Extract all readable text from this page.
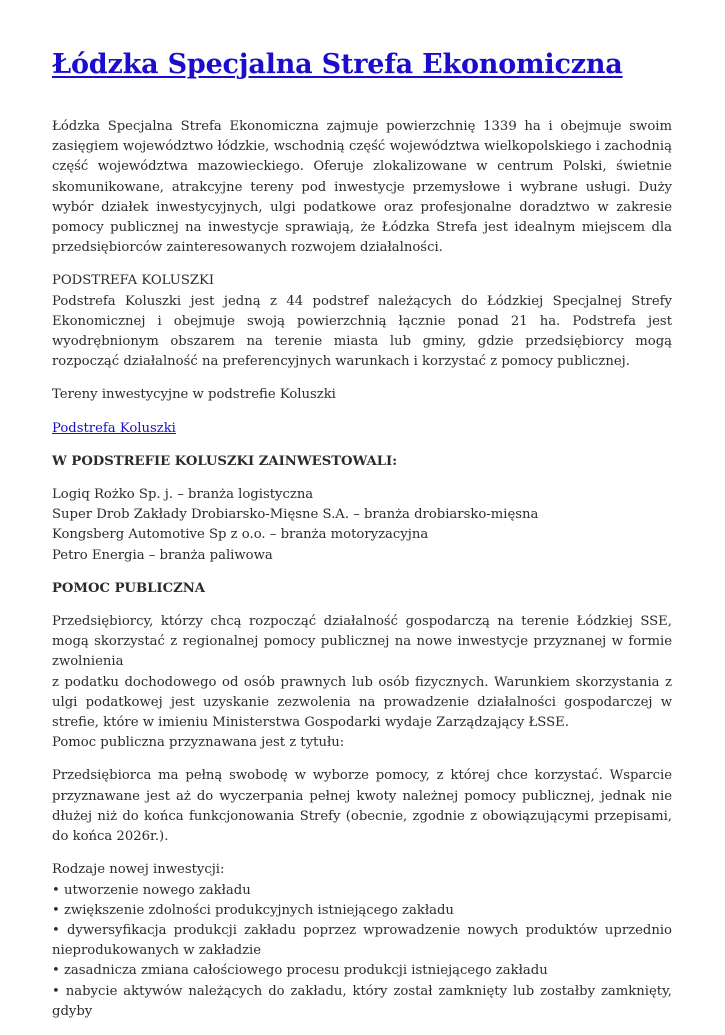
Łódzka Specjalna Strefa Ekonomiczna

Łódzka Specjalna Strefa Ekonomiczna zajmuje powierzchnię 1339 ha i obejmuje swoim zasięgiem województwo łódzkie, wschodnią część województwa wielkopolskiego i zachodnią część województwa mazowieckiego. Oferuje zlokalizowane w centrum Polski, świetnie skomunikowane, atrakcyjne tereny pod inwestycje przemysłowe i wybrane usługi. Duży wybór działek inwestycyjnych, ulgi podatkowe oraz profesjonalne doradztwo w zakresie pomocy publicznej na inwestycje sprawiają, że Łódzka Strefa jest idealnym miejscem dla przedsiębiorców zainteresowanych rozwojem działalności.

PODSTREFA KOLUSZKI
Podstrefa Koluszki jest jedną z 44 podstref należących do Łódzkiej Specjalnej Strefy Ekonomicznej i obejmuje swoją powierzchnią łącznie ponad 21 ha. Podstrefa jest wyodrębnionym obszarem na terenie miasta lub gminy, gdzie przedsiębiorcy mogą rozpocząć działalność na preferencyjnych warunkach i korzystać z pomocy publicznej.

Tereny inwestycyjne w podstrefie Koluszki

Podstrefa Koluszki

W PODSTREFIE KOLUSZKI ZAINWESTOWALI:

Logiq Rożko Sp. j. – branża logistyczna
Super Drob Zakłady Drobiarsko-Mięsne S.A. – branża drobiarsko-mięsna
Kongsberg Automotive Sp z o.o. – branża motoryzacyjna
Petro Energia – branża paliwowa

POMOC PUBLICZNA

Przedsiębiorcy, którzy chcą rozpocząć działalność gospodarczą na terenie Łódzkiej SSE, mogą skorzystać z regionalnej pomocy publicznej na nowe inwestycje przyznanej w formie zwolnienia
z podatku dochodowego od osób prawnych lub osób fizycznych. Warunkiem skorzystania z ulgi podatkowej jest uzyskanie zezwolenia na prowadzenie działalności gospodarczej w strefie, które w imieniu Ministerstwa Gospodarki wydaje Zarządzający ŁSSE.
Pomoc publiczna przyznawana jest z tytułu:

Przedsiębiorca ma pełną swobodę w wyborze pomocy, z której chce korzystać. Wsparcie przyznawane jest aż do wyczerpania pełnej kwoty należnej pomocy publicznej, jednak nie dłużej niż do końca funkcjonowania Strefy (obecnie, zgodnie z obowiązującymi przepisami, do końca 2026r.).

Rodzaje nowej inwestycji:
• utworzenie nowego zakładu
• zwiększenie zdolności produkcyjnych istniejącego zakładu
• dywersyfikacja produkcji zakładu poprzez wprowadzenie nowych produktów uprzednio nieprodukowanych w zakładzie
• zasadnicza zmiana całościowego procesu produkcji istniejącego zakładu
• nabycie aktywów należących do zakładu, który został zamknięty lub zostałby zamknięty, gdyby
